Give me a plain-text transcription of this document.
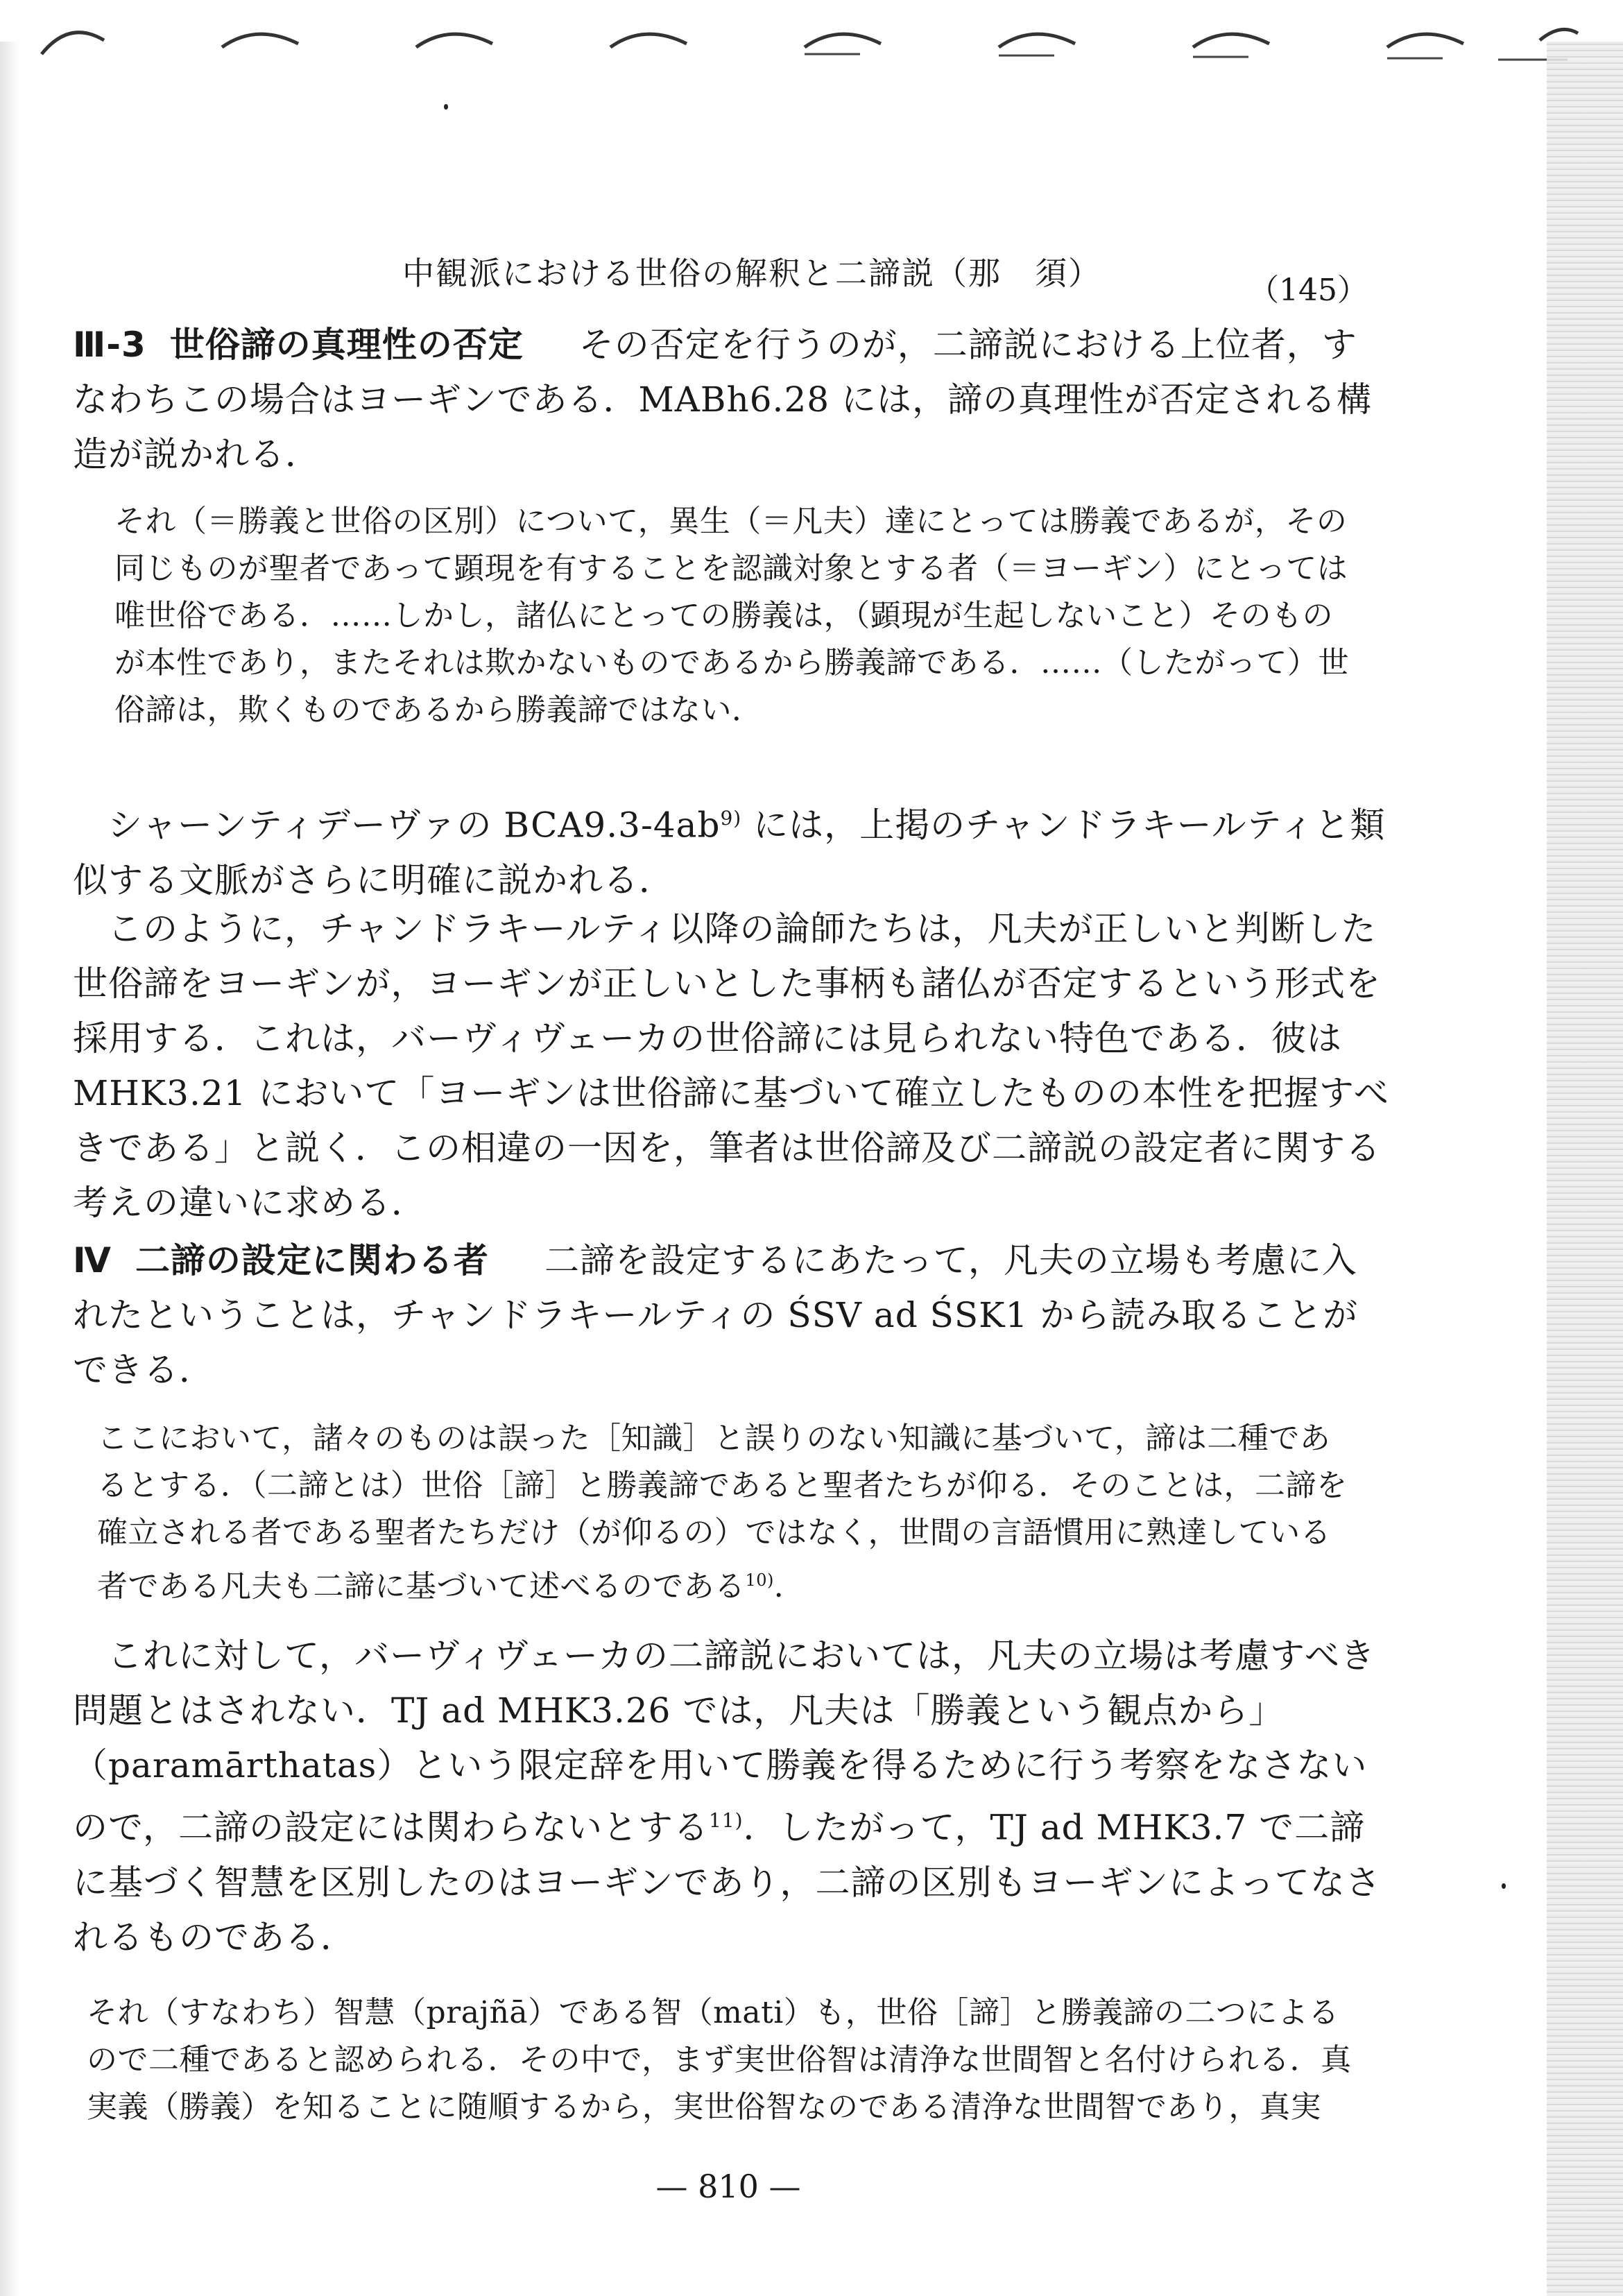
中観派における世俗の解釈と二諦説（那　須）	（145）

Ⅲ-3 世俗諦の真理性の否定 その否定を行うのが，二諦説における上位者，すなわちこの場合はヨーギンである．MABh6.28 には，諦の真理性が否定される構造が説かれる．

それ（＝勝義と世俗の区別）について，異生（＝凡夫）達にとっては勝義であるが，その同じものが聖者であって顕現を有することを認識対象とする者（＝ヨーギン）にとっては唯世俗である．……しかし，諸仏にとっての勝義は，（顕現が生起しないこと）そのものが本性であり，またそれは欺かないものであるから勝義諦である．……（したがって）世俗諦は，欺くものであるから勝義諦ではない．

シャーンティデーヴァの $BCA9.3-4ab^{9)}$ には，上掲のチャンドラキールティと類似する文脈がさらに明確に説かれる．

このように，チャンドラキールティ以降の論師たちは，凡夫が正しいと判断した世俗諦をヨーギンが，ヨーギンが正しいとした事柄も諸仏が否定するという形式を採用する．これは，バーヴィヴェーカの世俗諦には見られない特色である．彼は MHK3.21 において「ヨーギンは世俗諦に基づいて確立したものの本性を把握すべきである」と説く．この相違の一因を，筆者は世俗諦及び二諦説の設定者に関する考えの違いに求める．

Ⅳ 二諦の設定に関わる者 二諦を設定するにあたって，凡夫の立場も考慮に入れたということは，チャンドラキールティの ŚSV ad ŚSK1 から読み取ることができる．

ここにおいて，諸々のものは誤った［知識］と誤りのない知識に基づいて，諦は二種であるとする．（二諦とは）世俗［諦］と勝義諦であると聖者たちが仰る．そのことは，二諦を確立される者である聖者たちだけ（が仰るの）ではなく，世間の言語慣用に熟達している者である凡夫も二諦に基づいて述べるのである$^{10)}$．

これに対して，バーヴィヴェーカの二諦説においては，凡夫の立場は考慮すべき問題とはされない．TJ ad MHK3.26 では，凡夫は「勝義という観点から」（paramārthatas）という限定辞を用いて勝義を得るために行う考察をなさないので，二諦の設定には関わらないとする$^{11)}$．したがって，TJ ad MHK3.7 で二諦に基づく智慧を区別したのはヨーギンであり，二諦の区別もヨーギンによってなされるものである．

それ（すなわち）智慧（prajñā）である智（mati）も，世俗［諦］と勝義諦の二つによるので二種であると認められる．その中で，まず実世俗智は清浄な世間智と名付けられる．真実義（勝義）を知ることに随順するから，実世俗智なのである清浄な世間智であり，真実

— 810 —
